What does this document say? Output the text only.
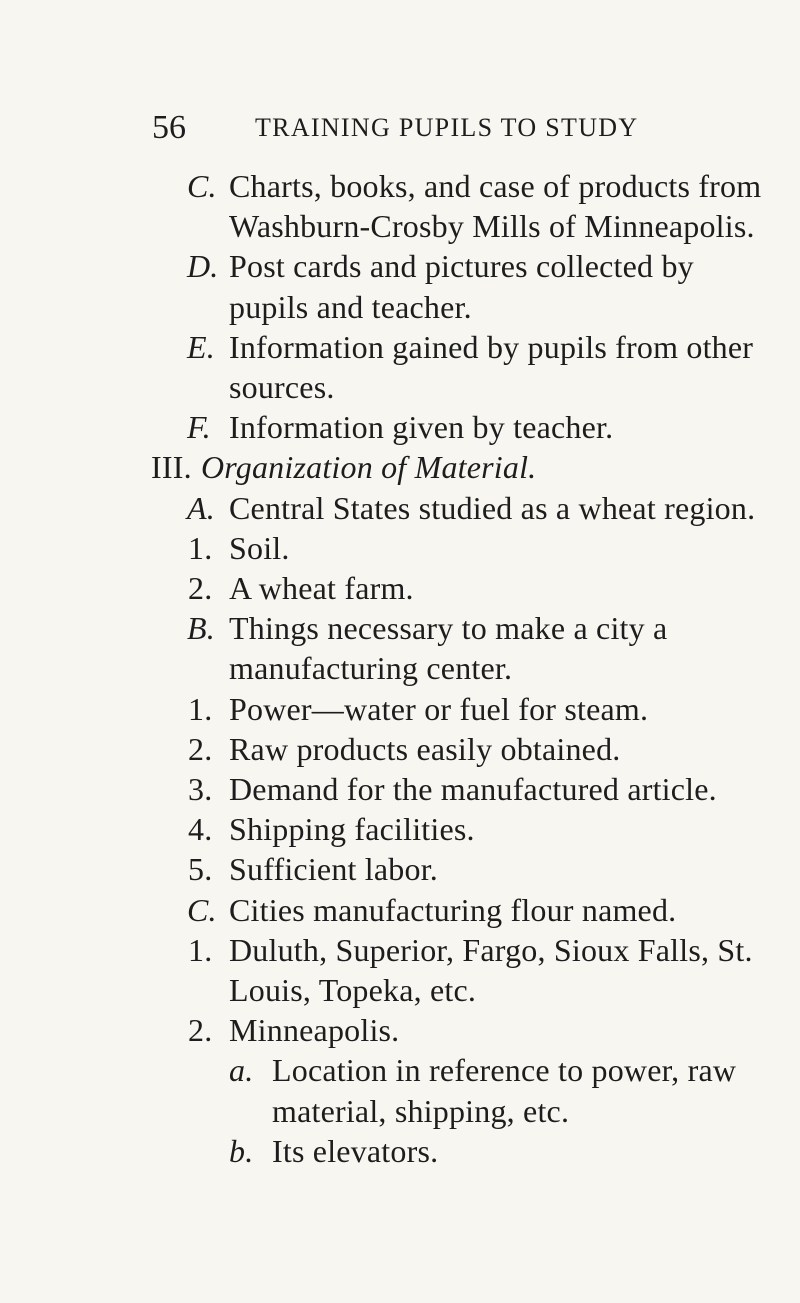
56	TRAINING PUPILS TO STUDY
C. Charts, books, and case of products from Washburn-Crosby Mills of Minneapolis.
D. Post cards and pictures collected by pupils and teacher.
E. Information gained by pupils from other sources.
F. Information given by teacher.
III. Organization of Material.
A. Central States studied as a wheat region.
1. Soil.
2. A wheat farm.
B. Things necessary to make a city a manufacturing center.
1. Power—water or fuel for steam.
2. Raw products easily obtained.
3. Demand for the manufactured article.
4. Shipping facilities.
5. Sufficient labor.
C. Cities manufacturing flour named.
1. Duluth, Superior, Fargo, Sioux Falls, St. Louis, Topeka, etc.
2. Minneapolis.
a. Location in reference to power, raw material, shipping, etc.
b. Its elevators.
